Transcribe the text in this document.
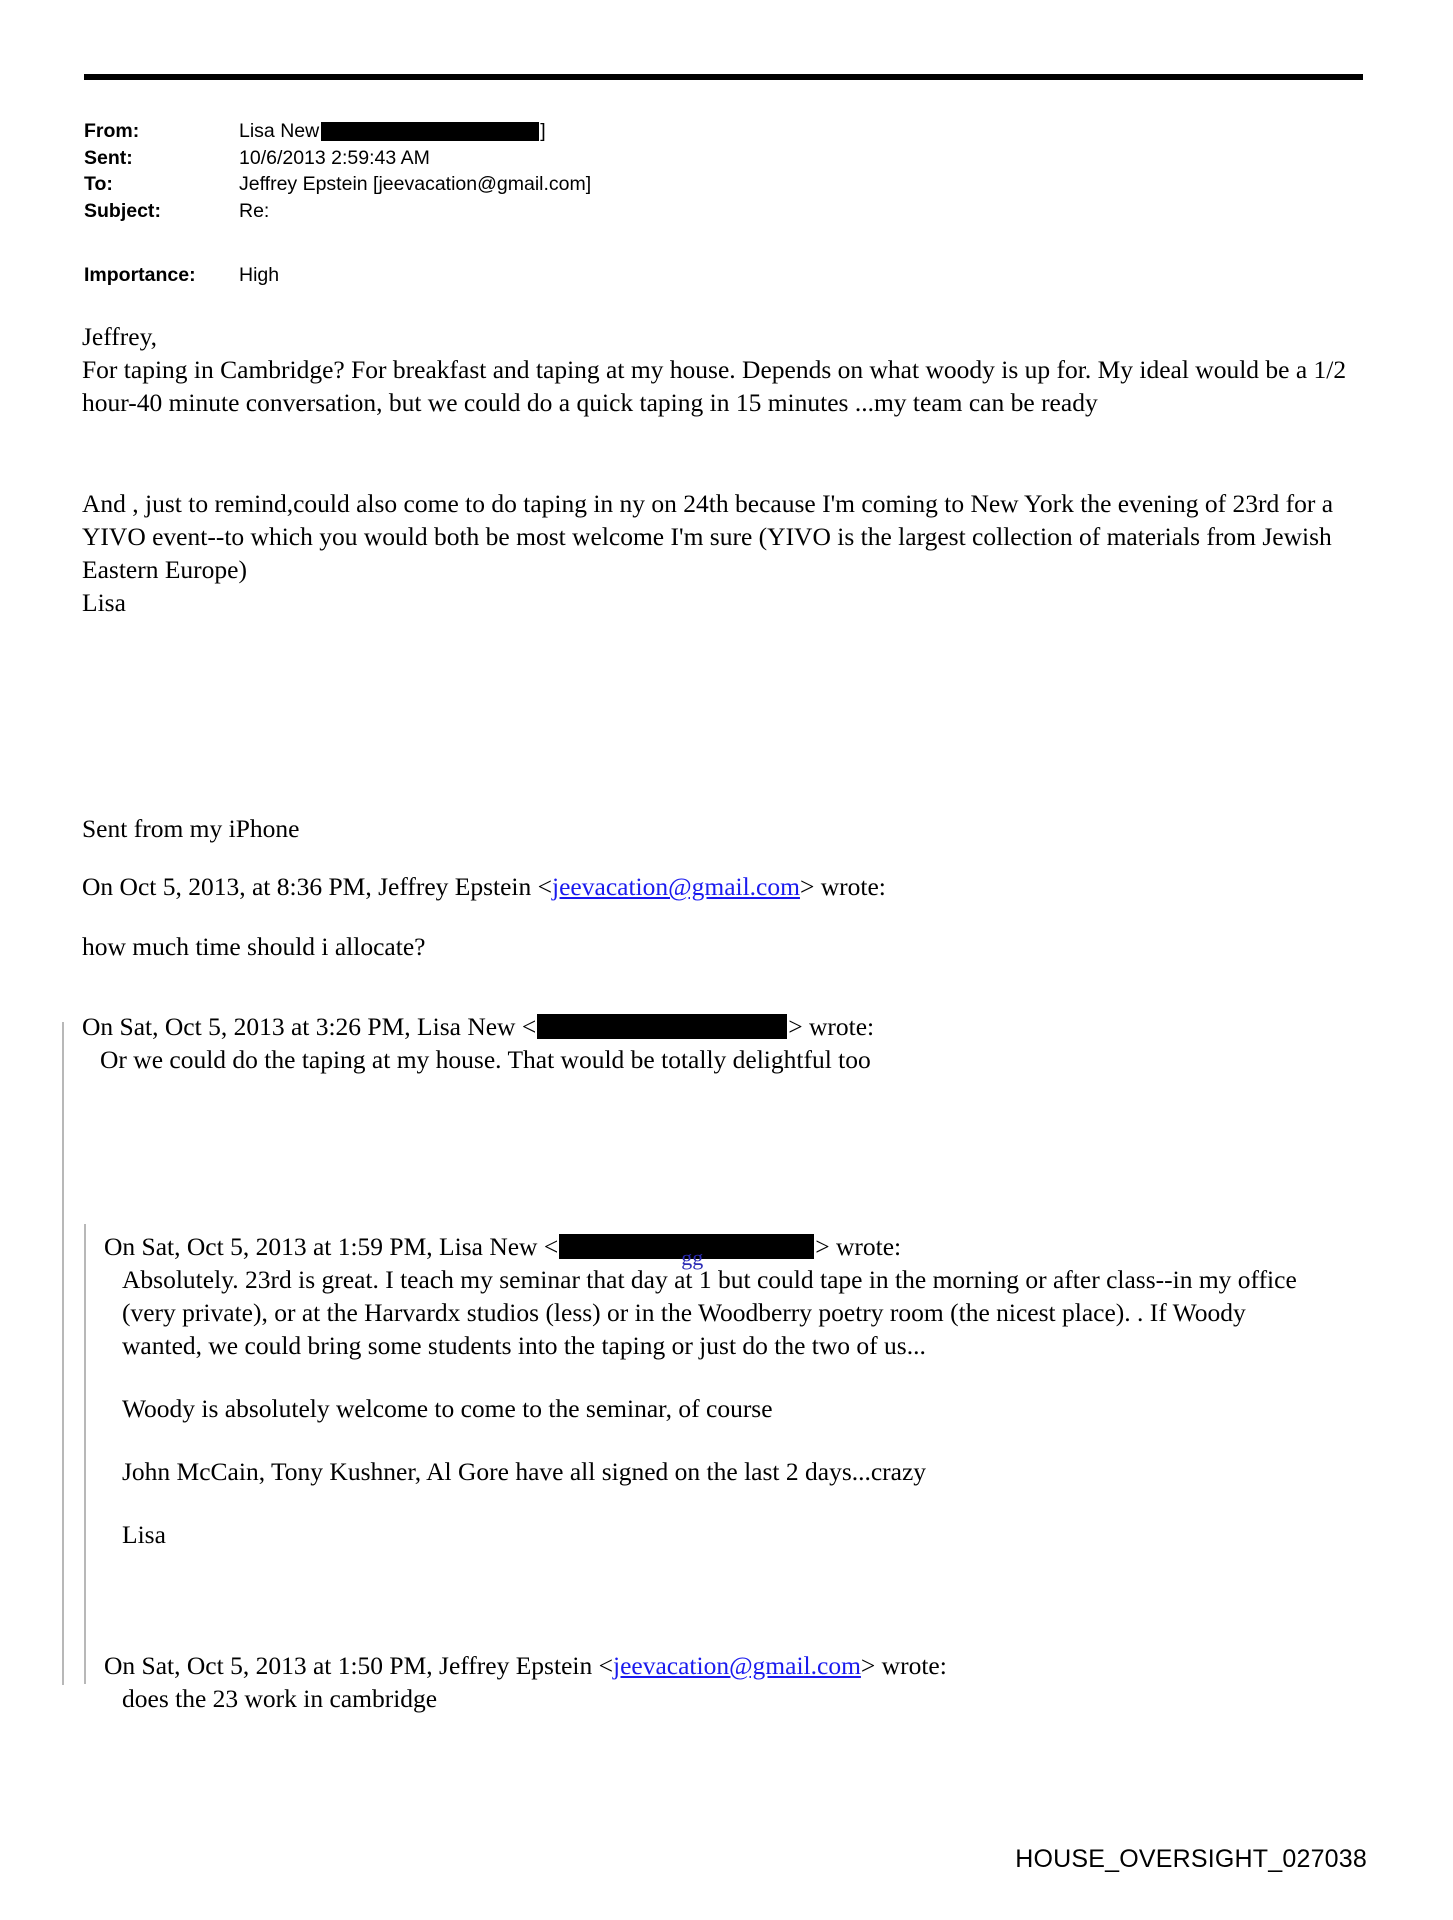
From:	Lisa New	]
Sent:	10/6/2013 2:59:43 AM
To:	Jeffrey Epstein [jeevacation@gmail.com]
Subject:	Re:
Importance:	High
Jeffrey,
For taping in Cambridge? For breakfast and taping at my house. Depends on what woody is up for. My ideal would be a 1/2 hour-40 minute conversation, but we could do a quick taping in 15 minutes ...my team can be ready
And , just to remind,could also come to do taping in ny on 24th because I'm coming to New York the evening of 23rd for a YIVO event--to which you would both be most welcome I'm sure (YIVO is the largest collection of materials from Jewish Eastern Europe)
Lisa
Sent from my iPhone
On Oct 5, 2013, at 8:36 PM, Jeffrey Epstein <jeevacation@gmail.com> wrote:
how much time should i allocate?
On Sat, Oct 5, 2013 at 3:26 PM, Lisa New <	> wrote:
Or we could do the taping at my house. That would be totally delightful too
On Sat, Oct 5, 2013 at 1:59 PM, Lisa New <	gg	> wrote:
Absolutely. 23rd is great. I teach my seminar that day at 1 but could tape in the morning or after class--in my office (very private), or at the Harvardx studios (less) or in the Woodberry poetry room (the nicest place). . If Woody wanted, we could bring some students into the taping or just do the two of us...
Woody is absolutely welcome to come to the seminar, of course
John McCain, Tony Kushner, Al Gore have all signed on the last 2 days...crazy
Lisa
On Sat, Oct 5, 2013 at 1:50 PM, Jeffrey Epstein <jeevacation@gmail.com> wrote:
does the 23 work in cambridge
HOUSE_OVERSIGHT_027038
